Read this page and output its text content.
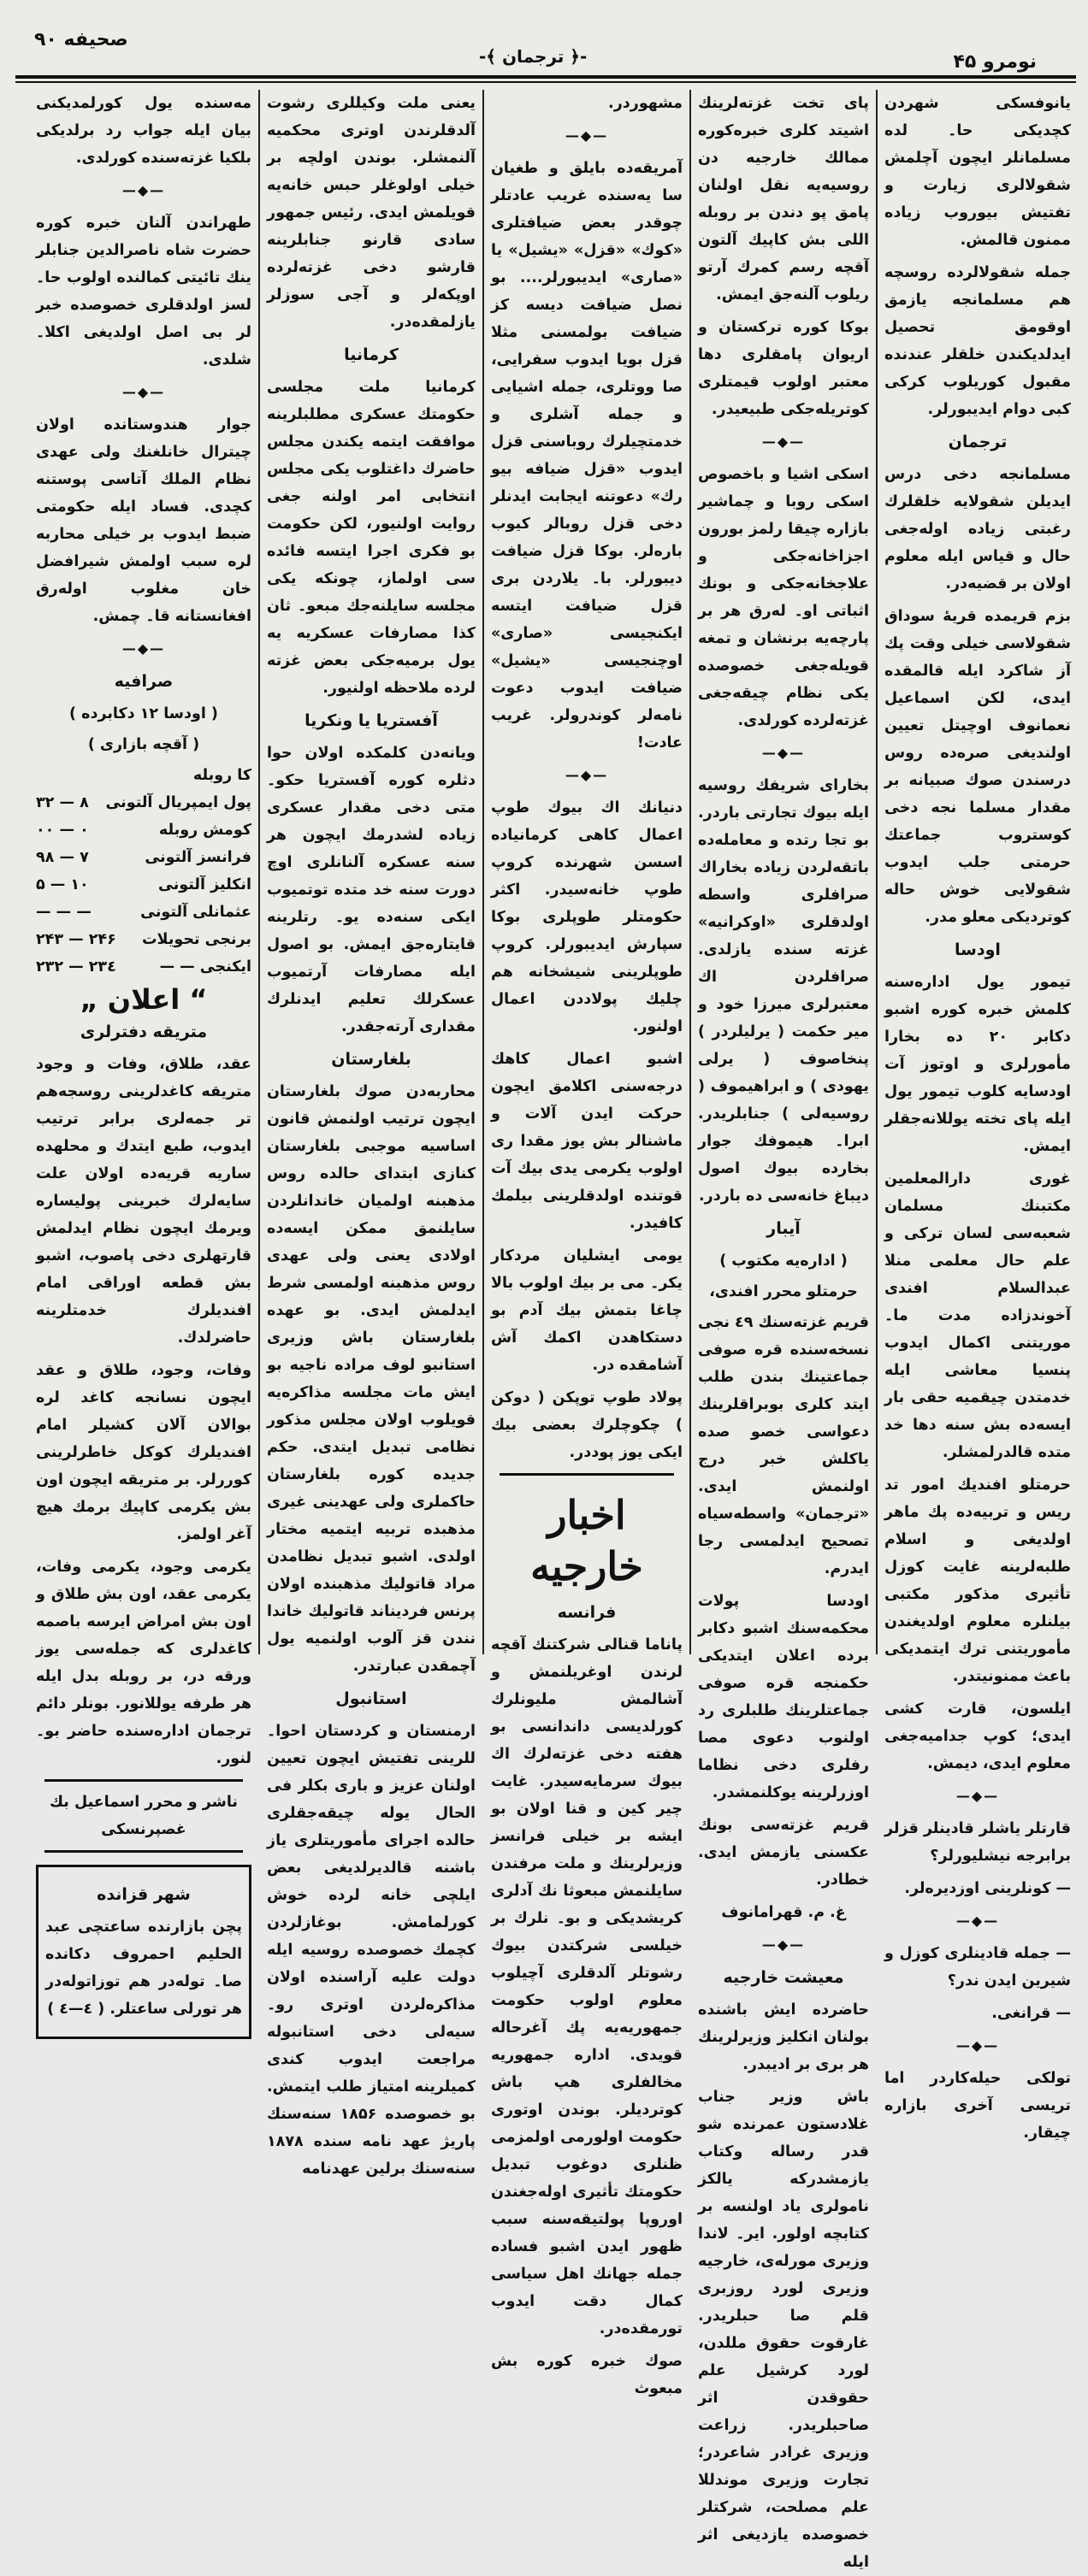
صحیفه ۹۰
-﴿ ترجمان ﴾-	نومرو ۴۵

یانوفسکی شهردن کچدیکی حا۔ لده مسلمانلر ایچون آچلمش شقولالری زیارت و تفتیش بیوروب زیاده ممنون قالمش.

جمله شقولالرده روسچه هم مسلمانجه یازمق اوقومق تحصیل ایدلدیکندن خلقلر عندنده مقبول کوریلوب کرکی کبی دوام ایدیبورلر.

ترجمان

مسلمانجه دخی درس ایدیلن شقولایه خلقلرك رغبتی زیاده اوله‌جغی حال و قیاس ایله معلوم اولان بر قضیه‌در.

بزم قریمده قریهٔ سوداق شقولاسی خیلی وقت پك آز شاکرد ایله قالمقده ایدی، لکن اسماعیل نعمانوف اوچیتل تعیین اولندیغی صره‌ده روس درسندن صوك صبیانه بر مقدار مسلما نجه دخی کوستروب جماعتك حرمتی جلب ایدوب شقولایی خوش حاله کوتردیکی معلو مدر.

اودسا

تیمور یول اداره‌سنه کلمش خبره کوره اشبو دکابر ۲۰ ده بخارا مأمورلری و اوتوز آت اودسایه کلوب تیمور یول ایله پای تخته یوللانه‌جقلر ایمش.

غوری دارالمعلمین مکتبنك مسلمان شعبه‌سی لسان ترکی و علم حال معلمی منلا عبدالسلام افندی آخوندزاده مدت ما۔ موریتنی اکمال ایدوب پنسیا معاشی ایله خدمتدن چیقمیه حقی بار ایسه‌ده بش سنه دها خد متده قالدرلمشلر.

حرمتلو افندیك امور تد ریس و تربیه‌ده پك ماهر اولدیغی و اسلام طلبه‌لرینه غایت کوزل تأثیری مذکور مکتبی بیلنلره معلوم اولدیغندن مأموریتنی ترك ایتمدیکی باعث ممنونیتدر.

ایلسون، قارت کشی ایدی؛ کوپ جدامیه‌جغی معلوم ایدی، دیمش.

—◆—

قارتلر یاشلر قادینلر قزلر برابرجه نیشلیورلر؟

— کونلرینی اوزدیره‌لر.

—◆—

— جمله قادینلری کوزل و شیرین ایدن ندر؟

— قرانغی.

—◆—

تولکی حیله‌کاردر اما تریسی آخری بازاره چیقار.

پای تخت غزته‌لرینك اشیتد کلری خبره‌کوره ممالك خارجیه دن روسیه‌یه نقل اولنان پامق پو دندن بر روبله اللی بش کاپیك آلتون آقچه رسم کمرك آرتو ریلوب آلنه‌جق ایمش.

بوکا کوره ترکستان و اریوان پامقلری دها معتبر اولوب قیمتلری کوتریله‌جکی طبیعیدر.

—◆—

اسکی اشیا و باخصوص اسکی روبا و چماشیر بازاره چیقا رلمز بورون اجزاخانه‌جکی و علاجخانه‌جکی و بونك اثباتی او۔ له‌رق هر بر پارچه‌یه برنشان و تمغه قویله‌جغی خصوصده یکی نظام چیقه‌جغی غزته‌لرده کورلدی.

—◆—

بخارای شریفك روسیه ایله بیوك تجارتی باردر. بو تجا رتده و معامله‌ده باتقه‌لردن زیاده بخاراك صرافلری واسطه اولدقلری «اوکرانیه» غزته سنده یازلدی. صرافلردن اك معتبرلری میرزا خود و میر حکمت ( یرلیلردر ) پنخاصوف ( یرلی یهودی ) و ابراهیموف ( روسیه‌لی ) جنابلریدر. ابرا۔ هیموفك جوار بخارده بیوك اصول دیباغ خانه‌سی ده باردر.

آیبار
( اداره‌یه مکتوب )
حرمتلو محرر افندی،

قریم غزته‌سنك ٤۹ نجی نسخه‌سنده قره صوفی جماعتینك بندن طلب ایتد کلری بوبراقلرینك دعواسی خصو صده یاکلش خبر درج اولنمش ایدی. «ترجمان» واسطه‌سیاه تصحیح ایدلمسی رجا ایدرم.

اودسا پولات محکمه‌سنك اشبو دکابر برده اعلان ایتدیکی حکمنجه قره صوفی جماعتلرینك طلبلری رد اولنوب دعوی مصا رفلری دخی نظاما اوزرلرینه یوکلنمشدر.

قریم غزته‌سی بونك عکسنی یازمش ایدی. خطادر.

غ. م. قهرامانوف
—◆—
معیشت خارجیه

حاضرده ایش باشنده بولنان انکلیز وزیرلرینك هر بری بر ادیبدر.

باش وزیر جناب غلادستون عمرنده شو قدر رساله وکتاب یازمشدرکه یالکز نامولری یاد اولنسه بر کتابچه اولور. ایر۔ لاندا وزیری مورله‌ی، خارجیه وزیری لورد روزبری قلم صا حبلریدر. غارقوت حقوق مللدن، لورد کرشیل علم حقوقدن اثر صاحبلریدر. زراعت وزیری غرادر شاعردر؛ تجارت وزیری موندللا علم مصلحت، شرکتلر خصوصده یازدیغی اثر ایله

مشهوردر.

—◆—

آمریقه‌ده بایلق و طغیان سا یه‌سنده غریب عادتلر چوقدر بعض ضیافتلری «کوك» «قزل» «یشیل» یا «صاری» ایدیبورلر.... بو نصل ضیافت دیسه کز ضیافت بولمسنی مثلا قزل بویا ایدوب سفرایی، صا ووتلری، جمله اشیایی و جمله آشلری و خدمتچیلرك روباسنی قزل ایدوب «قزل ضیافه بیو رك» دعوتنه ایجابت ایدنلر دخی قزل روبالر کیوب باره‌لر. بوکا قزل ضیافت دیبورلر. با۔ یلاردن بری قزل ضیافت ایتسه ایکنجیسی «صاری» اوچنجیسی «یشیل» ضیافت ایدوب دعوت نامه‌لر کوندرولر. غریب عادت!

—◆—

دنیانك اك بیوك طوپ اعمال کاهی کرمانیاده اسسن شهرنده کروپ طوپ خانه‌سیدر. اکثر حکومتلر طوپلری بوکا سپارش ایدیبورلر. کروپ طوپلرینی شیشخانه هم چلیك پولاددن اعمال اولنور.

اشبو اعمال کاهك درجه‌سنی اکلامق ایچون حرکت ایدن آلات و ماشنالر بش یوز مقدا ری اولوب یکرمی یدی بیك آت قوتنده اولدقلرینی بیلمك کافیدر.

یومی ایشلیان مردکار یکر۔ می بر بیك اولوب بالا چاغا بتمش بیك آدم بو دستکاهدن اکمك آش آشامقده در.

پولاد طوپ توپکن ( دوکن ) چکوچلرك بعضی بیك ایکی یوز پوددر.

اخبار خارجیه
فرانسه

پاناما قنالی شرکتنك آقچه لرندن اوغریلنمش و آشالمش ملیونلرك کورلدیسی داندانسی بو هفته دخی غزته‌لرك اك بیوك سرمایه‌سیدر. غایت چیر کین و قنا اولان بو ایشه بر خیلی فرانسز وزیرلرینك و ملت مرفندن سایلنمش مبعوثا نك آدلری کریشدیکی و بو۔ نلرك بر خیلسی شرکتدن بیوك رشوتلر آلدقلری آچیلوب معلوم اولوب حکومت جمهوریه‌یه پك آغرحاله قویدی. اداره جمهوریه مخالفلری هپ باش کوتردیلر. بوندن اوتوری حکومت اولورمی اولمزمی ظنلری دوغوب تبدیل حکومتك تأثیری اوله‌جغندن اوروپا پولتیقه‌سنه سبب ظهور ایدن اشبو فساده جمله جهانك اهل سیاسی کمال دقت ایدوب تورمقده‌در.

صوك خبره کوره بش مبعوث

یعنی ملت وکیللری رشوت آلدقلرندن اوتری محکمیه آلنمشلر. بوندن اولچه بر خیلی اولوغلر حبس خانه‌یه قویلمش ایدی. رئیس جمهور سادی قارنو جنابلرینه قارشو دخی غزته‌لرده اوپکه‌لر و آجی سوزلر یازلمقده‌در.

کرمانیا

کرمانیا ملت مجلسی حکومتك عسکری مطلبلرینه موافقت ایتمه یکندن مجلس حاضرك داغتلوب یکی مجلس انتخابی امر اولنه جغی روایت اولنیور، لکن حکومت بو فکری اجرا ایتسه فائده سی اولماز، چونکه یکی مجلسه سایلنه‌جك مبعو۔ ثان کذا مصارفات عسکریه یه یول برمیه‌جکی بعض غزته لرده ملاحظه اولنیور.

آفستریا یا ونکریا

ویانه‌دن کلمکده اولان حوا دثلره کوره آفستریا حکو۔ متی دخی مقدار عسکری زیاده لشدرمك ایچون هر سنه عسکره آلنانلری اوچ دورت سنه خد متده توتمیوب ایکی سنه‌ده یو۔ رتلرینه قایتاره‌جق ایمش. بو اصول ایله مصارفات آرتمیوب عسکرلك تعلیم ایدنلرك مقداری آرته‌جقدر.

بلغارستان

محاربه‌دن صوك بلغارستان ایچون ترتیب اولنمش قانون اساسیه موجبی بلغارستان کنازی ابتدای حالده روس مذهبنه اولمیان خاندانلردن سایلنمق ممکن ایسه‌ده اولادی یعنی ولی عهدی روس مذهبنه اولمسی شرط ایدلمش ایدی. بو عهده بلغارستان باش وزیری استانبو لوف مراده ناجیه بو ایش مات مجلسه مذاکره‌یه قویلوب اولان مجلس مذکور نظامی تبدیل ایتدی. حکم جدیده کوره بلغارستان حاکملری ولی عهدینی غیری مذهبده تربیه ایتمیه مختار اولدی. اشبو تبدیل نظامدن مراد قاتولیك مذهبنده اولان پرنس فردیناند قاتولیك خاندا نندن قز آلوب اولنمیه یول آچمقدن عبارتدر.

استانبول

ارمنستان و کردستان احوا۔ للرینی تفتیش ایچون تعیین اولنان عزیز و باری بکلر فی الحال یوله چیقه‌جقلری حالده اجرای مأموریتلری یاز باشنه قالدیرلدیغی بعض ایلچی خانه لرده خوش کورلمامش. بوغازلردن کچمك خصوصده روسیه ایله دولت علیه آراسنده اولان مذاکره‌لردن اوتری رو۔ سیه‌لی دخی استانبوله مراجعت ایدوب کندی کمیلرینه امتیاز طلب ایتمش. بو خصوصده ۱۸۵۶ سنه‌سنك پاریژ عهد نامه سنده ۱۸۷۸ سنه‌سنك برلین عهدنامه

مه‌سنده یول کورلمدیکنی بیان ایله جواب رد برلدیکی بلکیا غزته‌سنده کورلدی.

—◆—

طهراندن آلنان خبره کوره حضرت شاه ناصرالدین جنابلر ینك تائیتی کمالنده اولوب حا۔ لسز اولدقلری خصوصده خبر لر بی اصل اولدیغی اکلا۔ شلدی.

—◆—

جوار هندوستانده اولان چیترال خانلغنك ولی عهدی نظام الملك آتاسی پوستنه کچدی. فساد ایله حکومتی ضبط ایدوب بر خیلی محاربه لره سبب اولمش شیرافضل خان مغلوب اوله‌رق افغانستانه قا۔ چمش.

—◆—
صرافیه
( اودسا ۱۲ دکابرده )
( آقچه بازاری )
کا روبله
پول ایمپریال آلتونی
۸ — ۳۲
کومش روبله
۰ — ۰۰
فرانسز آلتونی
۷ — ۹۸
انکلیز آلتونی
۱۰ — ۵
عثمانلی آلتونی
— — —
برنجی تحویلات
۲۴۶ — ۲۴۳
ایکنجی — —
۲۳٤ — ۲۳۲
“ اعلان „
متریقه دفترلری

عقد، طلاق، وفات و وجود متریقه کاغدلرینی روسجه‌هم تر جمه‌لری برابر ترتیب ایدوب، طبع ایتدك و محلهده ساریه قریه‌ده اولان علت سایه‌لرك خبرینی پولیساره ویرمك ایچون نظام ایدلمش قارتهلری دخی پاصوب، اشبو بش قطعه اوراقی امام افندیلرك خدمتلرینه حاضرلدك.

وفات، وجود، طلاق و عقد ایچون نسانجه کاغد لره بوالان آلان کشیلر امام افندیلرك کوکل خاطرلرینی کوررلر. بر متریقه ایچون اون بش یکرمی کاپیك برمك هیچ آغر اولمز.

یکرمی وجود، یکرمی وفات، یکرمی عقد، اون بش طلاق و اون بش امراض ایرسه باصمه کاغدلری که جمله‌سی یوز ورقه در، بر روبله بدل ایله هر طرفه یوللانور. بونلر دائم ترجمان اداره‌سنده حاضر بو۔ لنور.

ناشر و محرر اسماعیل بك غصپرنسکی
شهر قزانده

پچن بازارنده ساعتچی عبد الحلیم احمروف دکانده صا۔ توله‌در هم توزاتوله‌در هر تورلی ساعتلر. ( ٤—٤ )
